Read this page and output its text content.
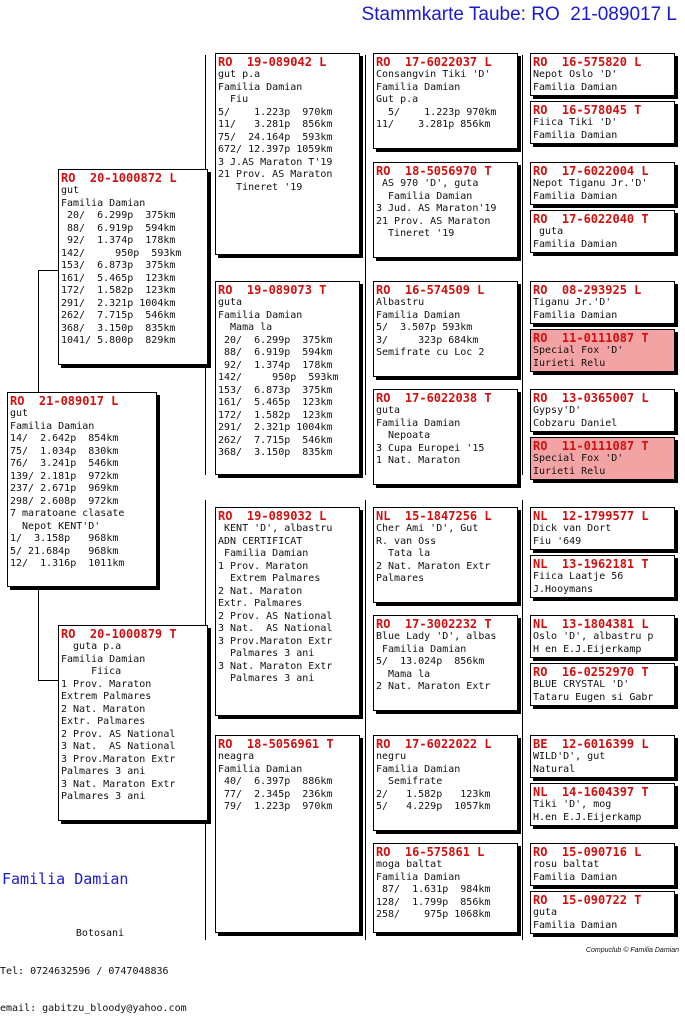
Stammkarte Taube: RO  21-089017 L
RO  21-089017 L
gut
Familia Damian
14/  2.642p  854km
75/  1.034p  830km
76/  3.241p  546km
139/ 2.181p  972km
237/ 2.671p  969km
298/ 2.608p  972km
7 maratoane clasate
Nepot KENT'D'
1/  3.158p   968km
5/ 21.684p   968km
12/  1.316p  1011km
RO  20-1000872 L
gut
Familia Damian
20/  6.299p  375km
88/  6.919p  594km
92/  1.374p  178km
142/     950p  593km
153/  6.873p  375km
161/  5.465p  123km
172/  1.582p  123km
291/  2.321p 1004km
262/  7.715p  546km
368/  3.150p  835km
1041/ 5.800p  829km
RO  20-1000879 T
guta p.a
Familia Damian
Fiica
1 Prov. Maraton
Extrem Palmares
2 Nat. Maraton
Extr. Palmares
2 Prov. AS National
3 Nat.  AS National
3 Prov.Maraton Extr
Palmares 3 ani
3 Nat. Maraton Extr
Palmares 3 ani
RO  19-089042 L
gut p.a
Familia Damian
Fiu
5/    1.223p  970km
11/   3.281p  856km
75/  24.164p  593km
672/ 12.397p 1059km
3 J.AS Maraton T'19
21 Prov. AS Maraton
Tineret '19
RO  19-089073 T
guta
Familia Damian
Mama la
20/  6.299p  375km
88/  6.919p  594km
92/  1.374p  178km
142/     950p  593km
153/  6.873p  375km
161/  5.465p  123km
172/  1.582p  123km
291/  2.321p 1004km
262/  7.715p  546km
368/  3.150p  835km
RO  19-089032 L
KENT 'D', albastru
ADN CERTIFICAT
Familia Damian
1 Prov. Maraton
Extrem Palmares
2 Nat. Maraton
Extr. Palmares
2 Prov. AS National
3 Nat.  AS National
3 Prov.Maraton Extr
Palmares 3 ani
3 Nat. Maraton Extr
Palmares 3 ani
RO  18-5056961 T
neagra
Familia Damian
40/  6.397p  886km
77/  2.345p  236km
79/  1.223p  970km
RO  17-6022037 L
Consangvin Tiki 'D'
Familia Damian
Gut p.a
5/    1.223p 970km
11/    3.281p 856km
RO  18-5056970 T
AS 970 'D', guta
Familia Damian
3 Jud. AS Maraton'19
21 Prov. AS Maraton
Tineret '19
RO  16-574509 L
Albastru
Familia Damian
5/  3.507p 593km
3/     323p 684km
Semifrate cu Loc 2
RO  17-6022038 T
guta
Familia Damian
Nepoata
3 Cupa Europei '15
1 Nat. Maraton
NL  15-1847256 L
Cher Ami 'D', Gut
R. van Oss
Tata la
2 Nat. Maraton Extr
Palmares
RO  17-3002232 T
Blue Lady 'D', albas
Familia Damian
5/  13.024p  856km
Mama la
2 Nat. Maraton Extr
RO  17-6022022 L
negru
Familia Damian
Semifrate
2/   1.582p   123km
5/   4.229p  1057km
RO  16-575861 L
moga baltat
Familia Damian
87/  1.631p  984km
128/  1.799p  856km
258/    975p 1068km
RO  16-575820 L
Nepot Oslo 'D'
Familia Damian
RO  16-578045 T
Fiica Tiki 'D'
Familia Damian
RO  17-6022004 L
Nepot Tiganu Jr.'D'
Familia Damian
RO  17-6022040 T
guta
Familia Damian
RO  08-293925 L
Tiganu Jr.'D'
Familia Damian
RO  11-0111087 T
Special Fox 'D'
Iurieti Relu
RO  13-0365007 L
Gypsy'D'
Cobzaru Daniel
RO  11-0111087 T
Special Fox 'D'
Iurieti Relu
NL  12-1799577 L
Dick van Dort
Fiu '649
NL  13-1962181 T
Fiica Laatje 56
J.Hooymans
NL  13-1804381 L
Oslo 'D', albastru p
H en E.J.Eijerkamp
RO  16-0252970 T
BLUE CRYSTAL 'D'
Tataru Eugen si Gabr
BE  12-6016399 L
WILD'D', gut
Natural
NL  14-1604397 T
Tiki 'D', mog
H.en E.J.Eijerkamp
RO  15-090716 L
rosu baltat
Familia Damian
RO  15-090722 T
guta
Familia Damian
Familia Damian

Botosani

Tel: 0724632596 / 0747048836

email: gabitzu_bloody@yahoo.com

Compuclub © Familia Damian
